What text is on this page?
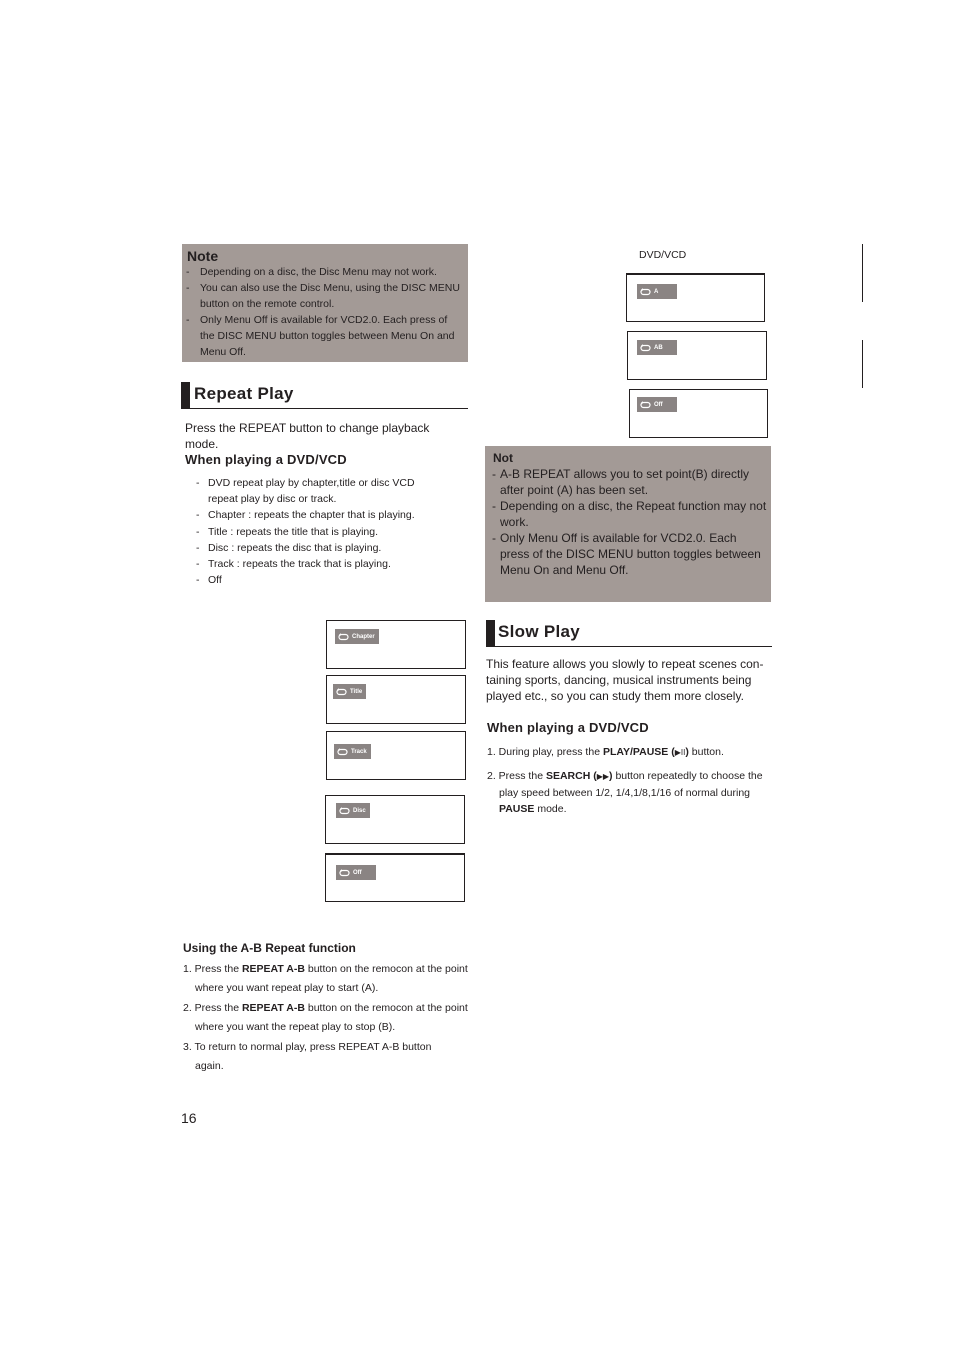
Note
- Depending on a disc, the Disc Menu may not work.
- You can also use the Disc Menu, using the DISC MENU button on the remote control.
- Only Menu Off is available for VCD2.0. Each press of the DISC MENU button toggles between Menu On and Menu Off.
Repeat Play
Press the REPEAT button to change playback mode.
When playing a DVD/VCD
- DVD repeat play by chapter,title or disc VCD repeat play by disc or track.
- Chapter : repeats the chapter that is playing.
- Title : repeats the title that is playing.
- Disc : repeats the disc that is playing.
- Track : repeats the track that is playing.
- Off
Chapter
Title
Track
Disc
Off
Using the A-B Repeat function
1. Press the REPEAT A-B button on the remocon at the point where you want repeat play to start (A).
2. Press the REPEAT A-B button on the remocon at the point where you want the repeat play to stop (B).
3. To return to normal play, press REPEAT A-B button again.
16
DVD/VCD
A
AB
Off
Not
- A-B REPEAT allows you to set point(B) directly after point (A) has been set.
- Depending on a disc, the Repeat function may not work.
- Only Menu Off is available for VCD2.0. Each press of the DISC MENU button toggles between Menu On and Menu Off.
Slow Play
This feature allows you slowly to repeat scenes con-taining sports, dancing, musical instruments being played etc., so you can study them more closely.
When playing a DVD/VCD
1. During play, press the PLAY/PAUSE (▶II) button.
2. Press the SEARCH (▶▶) button repeatedly to choose the play speed between 1/2, 1/4,1/8,1/16 of normal during PAUSE mode.
